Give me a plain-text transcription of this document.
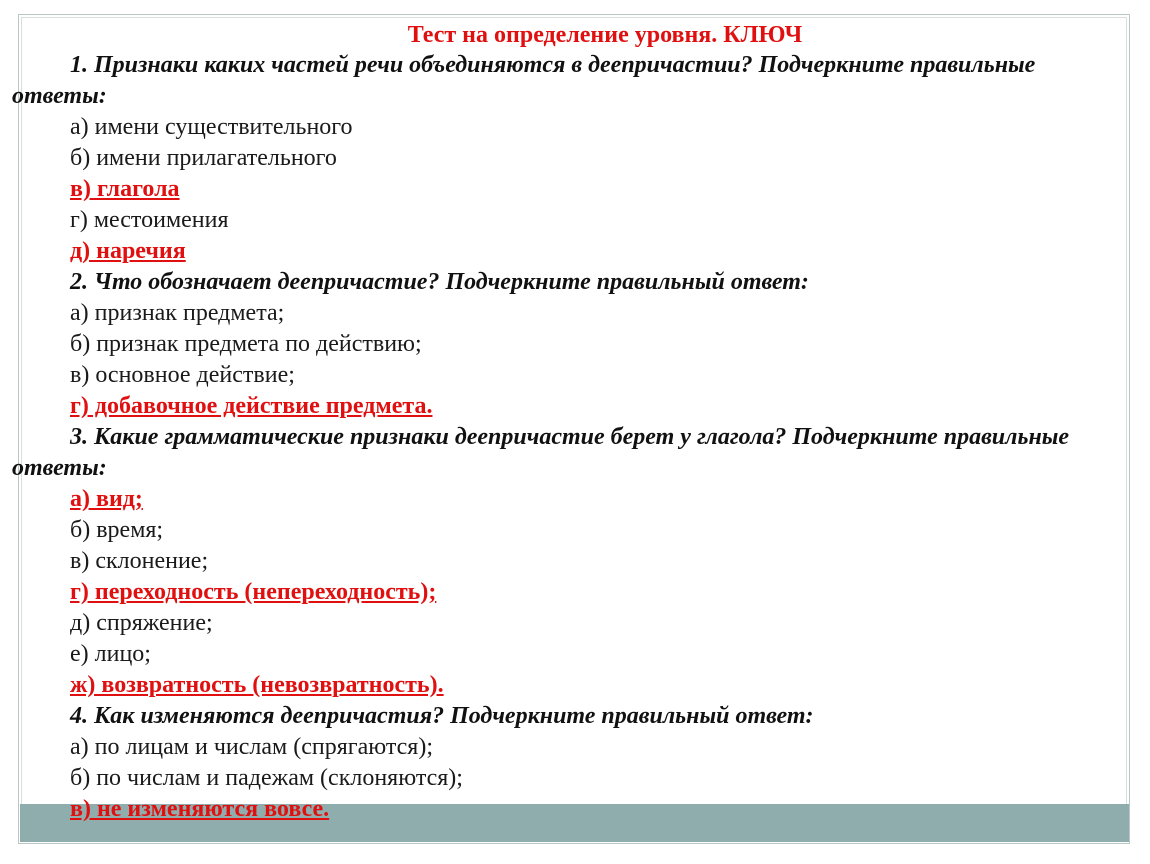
Тест на определение уровня. КЛЮЧ
1. Признаки каких частей речи объединяются в деепричастии? Подчеркните правильные
ответы:
а) имени существительного
б) имени прилагательного
в) глагола
г) местоимения
д) наречия
2. Что обозначает деепричастие? Подчеркните правильный ответ:
а) признак предмета;
б) признак предмета по действию;
в) основное действие;
г) добавочное действие предмета.
3. Какие грамматические признаки деепричастие берет у глагола? Подчеркните правильные
ответы:
а) вид;
б) время;
в) склонение;
г) переходность (непереходность);
д) спряжение;
е) лицо;
ж) возвратность (невозвратность).
4. Как изменяются деепричастия? Подчеркните правильный ответ:
а) по лицам и числам (спрягаются);
б) по числам и падежам (склоняются);
в) не изменяются вовсе.
